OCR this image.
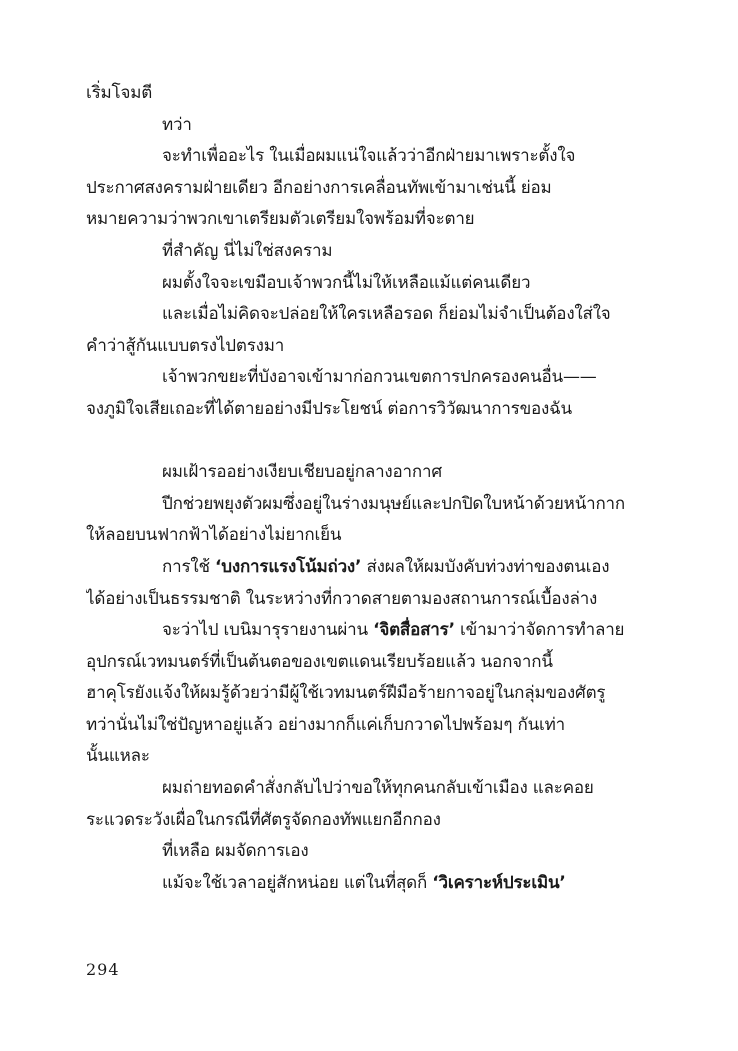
เริ่มโจมตี
ทว่า
จะทำเพื่ออะไร ในเมื่อผมแน่ใจแล้วว่าอีกฝ่ายมาเพราะตั้งใจ
ประกาศสงครามฝ่ายเดียว อีกอย่างการเคลื่อนทัพเข้ามาเช่นนี้ ย่อม
หมายความว่าพวกเขาเตรียมตัวเตรียมใจพร้อมที่จะตาย
ที่สำคัญ นี่ไม่ใช่สงคราม
ผมตั้งใจจะเขมือบเจ้าพวกนี้ไม่ให้เหลือแม้แต่คนเดียว
และเมื่อไม่คิดจะปล่อยให้ใครเหลือรอด ก็ย่อมไม่จำเป็นต้องใส่ใจ
คำว่าสู้กันแบบตรงไปตรงมา
เจ้าพวกขยะที่บังอาจเข้ามาก่อกวนเขตการปกครองคนอื่น——
จงภูมิใจเสียเถอะที่ได้ตายอย่างมีประโยชน์ ต่อการวิวัฒนาการของฉัน
ผมเฝ้ารออย่างเงียบเชียบอยู่กลางอากาศ
ปีกช่วยพยุงตัวผมซึ่งอยู่ในร่างมนุษย์และปกปิดใบหน้าด้วยหน้ากาก
ให้ลอยบนฟากฟ้าได้อย่างไม่ยากเย็น
การใช้ ‘บงการแรงโน้มถ่วง’ ส่งผลให้ผมบังคับท่วงท่าของตนเอง
ได้อย่างเป็นธรรมชาติ ในระหว่างที่กวาดสายตามองสถานการณ์เบื้องล่าง
จะว่าไป เบนิมารุรายงานผ่าน ‘จิตสื่อสาร’ เข้ามาว่าจัดการทำลาย
อุปกรณ์เวทมนตร์ที่เป็นต้นตอของเขตแดนเรียบร้อยแล้ว นอกจากนี้
ฮาคุโรยังแจ้งให้ผมรู้ด้วยว่ามีผู้ใช้เวทมนตร์ฝีมือร้ายกาจอยู่ในกลุ่มของศัตรู
ทว่านั่นไม่ใช่ปัญหาอยู่แล้ว อย่างมากก็แค่เก็บกวาดไปพร้อมๆ กันเท่า
นั้นแหละ
ผมถ่ายทอดคำสั่งกลับไปว่าขอให้ทุกคนกลับเข้าเมือง และคอย
ระแวดระวังเผื่อในกรณีที่ศัตรูจัดกองทัพแยกอีกกอง
ที่เหลือ ผมจัดการเอง
แม้จะใช้เวลาอยู่สักหน่อย แต่ในที่สุดก็ ‘วิเคราะห์ประเมิน’
294
